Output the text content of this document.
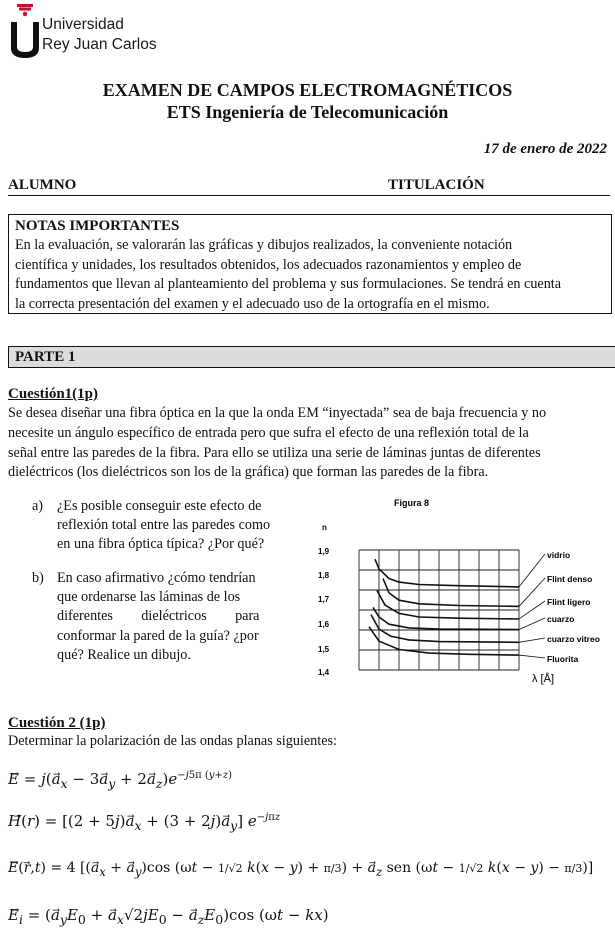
Universidad
Rey Juan Carlos
EXAMEN DE CAMPOS ELECTROMAGNÉTICOS
ETS Ingeniería de Telecomunicación
17 de enero de 2022
ALUMNO	TITULACIÓN
NOTAS IMPORTANTES
En la evaluación, se valorarán las gráficas y dibujos realizados, la conveniente notación
científica y unidades, los resultados obtenidos, los adecuados razonamientos y empleo de
fundamentos que llevan al planteamiento del problema y sus formulaciones. Se tendrá en cuenta
la correcta presentación del examen y el adecuado uso de la ortografía en el mismo.
PARTE 1
Cuestión1(1p)
Se desea diseñar una fibra óptica en la que la onda EM “inyectada” sea de baja frecuencia y no
necesite un ángulo específico de entrada pero que sufra el efecto de una reflexión total de la
señal entre las paredes de la fibra. Para ello se utiliza una serie de láminas juntas de diferentes
dieléctricos (los dieléctricos son los de la gráfica) que forman las paredes de la fibra.
a) ¿Es posible conseguir este efecto de
reflexión total entre las paredes como
en una fibra óptica típica? ¿Por qué?
b) En caso afirmativo ¿cómo tendrían
que ordenarse las láminas de los
diferentes        dieléctricos        para
conformar la pared de la guía? ¿por
qué? Realice un dibujo.
Figura 8
n
1,9
1,8
1,7
1,6
1,5
1,4
vidrio
Flint denso
Flint ligero
cuarzo
cuarzo vitreo
Fluorita
λ [Å]
Cuestión 2 (1p)
Determinar la polarización de las ondas planas siguientes:
E⃗ = $j(a_x - 3a_y + 2a_z)e^{-j5\pi (y+z)}$
H⃗(r) = $[(2 + 5j)a_x + (3 + 2j)a_y]$ $e^{-j\pi z}$
E⃗(r⃗,t) = 4 [$(a_x + a_y)\cos$ (ωt − 1/√2 $k(x - y) + \pi/3) + a_z$ sen (ωt − 1/√2 k(x − y) − π/3)]
$E_i = (a_yE_0 + a_x√2jE_0 - a_zE_0)\cos$ (ωt − kx)
